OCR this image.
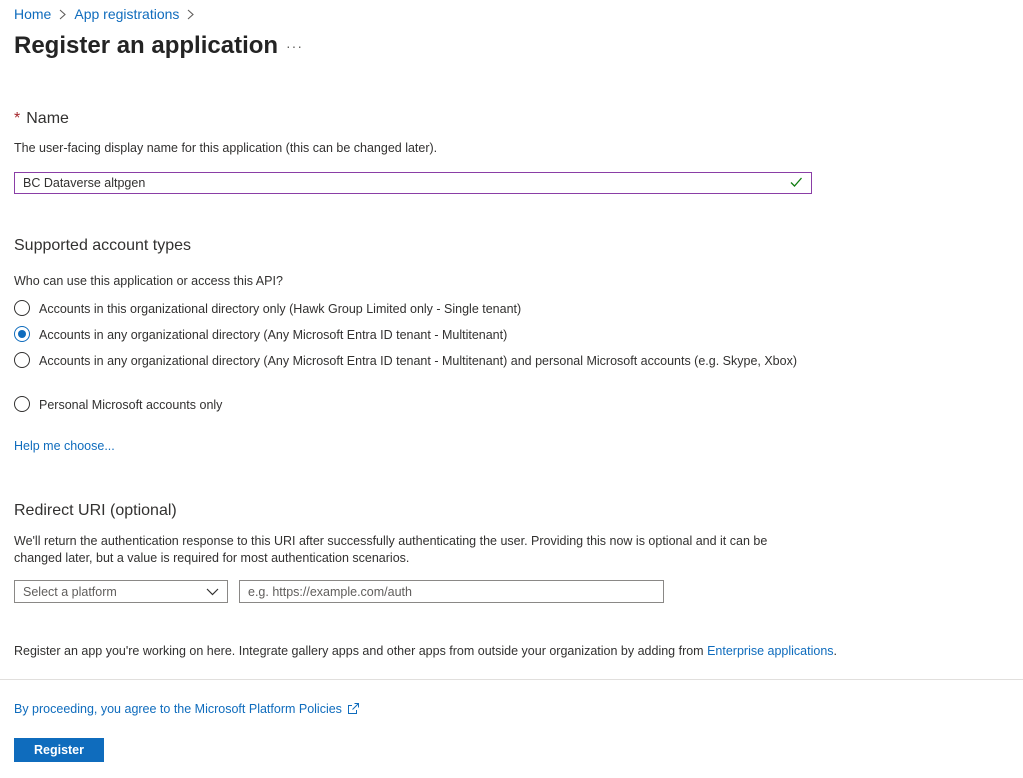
Home App registrations
Register an application ···
* Name
The user-facing display name for this application (this can be changed later).
BC Dataverse altpgen
Supported account types
Who can use this application or access this API?
Accounts in this organizational directory only (Hawk Group Limited only - Single tenant)
Accounts in any organizational directory (Any Microsoft Entra ID tenant - Multitenant)
Accounts in any organizational directory (Any Microsoft Entra ID tenant - Multitenant) and personal Microsoft accounts (e.g. Skype, Xbox)
Personal Microsoft accounts only
Help me choose...
Redirect URI (optional)
We'll return the authentication response to this URI after successfully authenticating the user. Providing this now is optional and it can be changed later, but a value is required for most authentication scenarios.
Select a platform
e.g. https://example.com/auth
Register an app you're working on here. Integrate gallery apps and other apps from outside your organization by adding from Enterprise applications.
By proceeding, you agree to the Microsoft Platform Policies
Register
